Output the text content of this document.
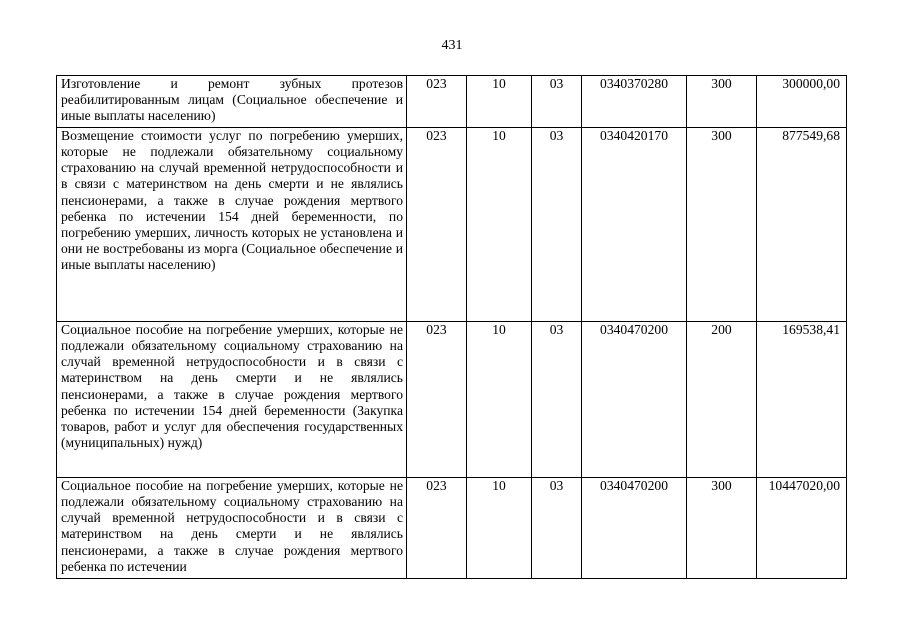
431
Изготовление и ремонт зубных протезов реабилитированным лицам (Социальное обеспечение и иные выплаты населению)	023	10	03	0340370280	300	300000,00
Возмещение стоимости услуг по погребению умерших, которые не подлежали обязательному социальному страхованию на случай временной нетрудоспособности и в связи с материнством на день смерти и не являлись пенсионерами, а также в случае рождения мертвого ребенка по истечении 154 дней беременности, по погребению умерших, личность которых не установлена и они не востребованы из морга (Социальное обеспечение и иные выплаты населению)	023	10	03	0340420170	300	877549,68
Социальное пособие на погребение умерших, которые не подлежали обязательному социальному страхованию на случай временной нетрудоспособности и в связи с материнством на день смерти и не являлись пенсионерами, а также в случае рождения мертвого ребенка по истечении 154 дней беременности (Закупка товаров, работ и услуг для обеспечения государственных (муниципальных) нужд)	023	10	03	0340470200	200	169538,41
Социальное пособие на погребение умерших, которые не подлежали обязательному социальному страхованию на случай временной нетрудоспособности и в связи с материнством на день смерти и не являлись пенсионерами, а также в случае рождения мертвого ребенка по истечении	023	10	03	0340470200	300	10447020,00
